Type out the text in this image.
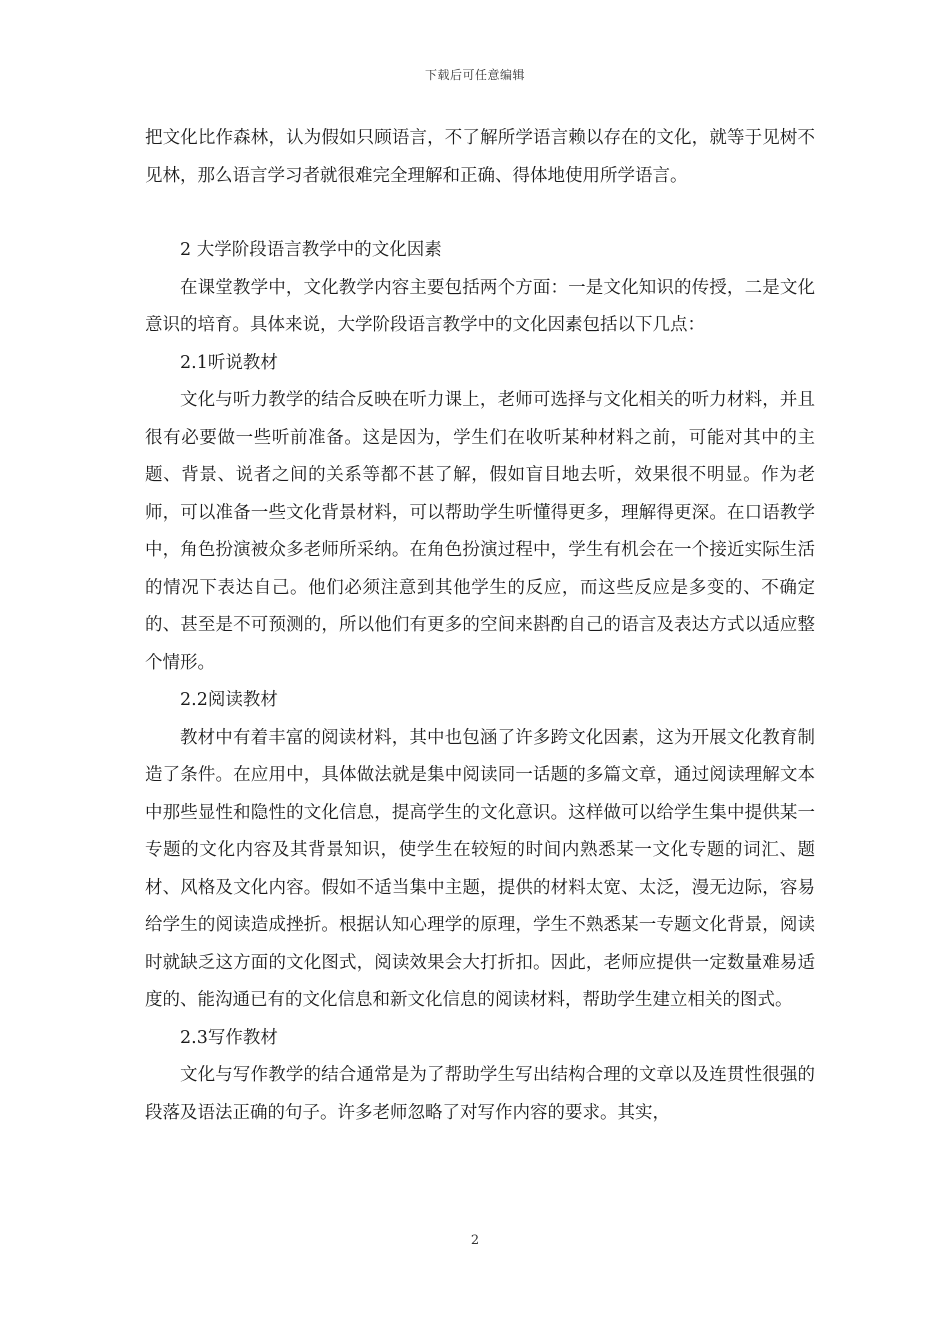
下载后可任意编辑

把文化比作森林，认为假如只顾语言，不了解所学语言赖以存在的文化，就等于见树不见林，那么语言学习者就很难完全理解和正确、得体地使用所学语言。

2 大学阶段语言教学中的文化因素

在课堂教学中，文化教学内容主要包括两个方面：一是文化知识的传授，二是文化意识的培育。具体来说，大学阶段语言教学中的文化因素包括以下几点：

2.1听说教材

文化与听力教学的结合反映在听力课上，老师可选择与文化相关的听力材料，并且很有必要做一些听前准备。这是因为，学生们在收听某种材料之前，可能对其中的主题、背景、说者之间的关系等都不甚了解，假如盲目地去听，效果很不明显。作为老师，可以准备一些文化背景材料，可以帮助学生听懂得更多，理解得更深。在口语教学中，角色扮演被众多老师所采纳。在角色扮演过程中，学生有机会在一个接近实际生活的情况下表达自己。他们必须注意到其他学生的反应，而这些反应是多变的、不确定的、甚至是不可预测的，所以他们有更多的空间来斟酌自己的语言及表达方式以适应整个情形。

2.2阅读教材

教材中有着丰富的阅读材料，其中也包涵了许多跨文化因素，这为开展文化教育制造了条件。在应用中，具体做法就是集中阅读同一话题的多篇文章，通过阅读理解文本中那些显性和隐性的文化信息，提高学生的文化意识。这样做可以给学生集中提供某一专题的文化内容及其背景知识，使学生在较短的时间内熟悉某一文化专题的词汇、题材、风格及文化内容。假如不适当集中主题，提供的材料太宽、太泛，漫无边际，容易给学生的阅读造成挫折。根据认知心理学的原理，学生不熟悉某一专题文化背景，阅读时就缺乏这方面的文化图式，阅读效果会大打折扣。因此，老师应提供一定数量难易适度的、能沟通已有的文化信息和新文化信息的阅读材料，帮助学生建立相关的图式。

2.3写作教材

文化与写作教学的结合通常是为了帮助学生写出结构合理的文章以及连贯性很强的段落及语法正确的句子。许多老师忽略了对写作内容的要求。其实，

2
